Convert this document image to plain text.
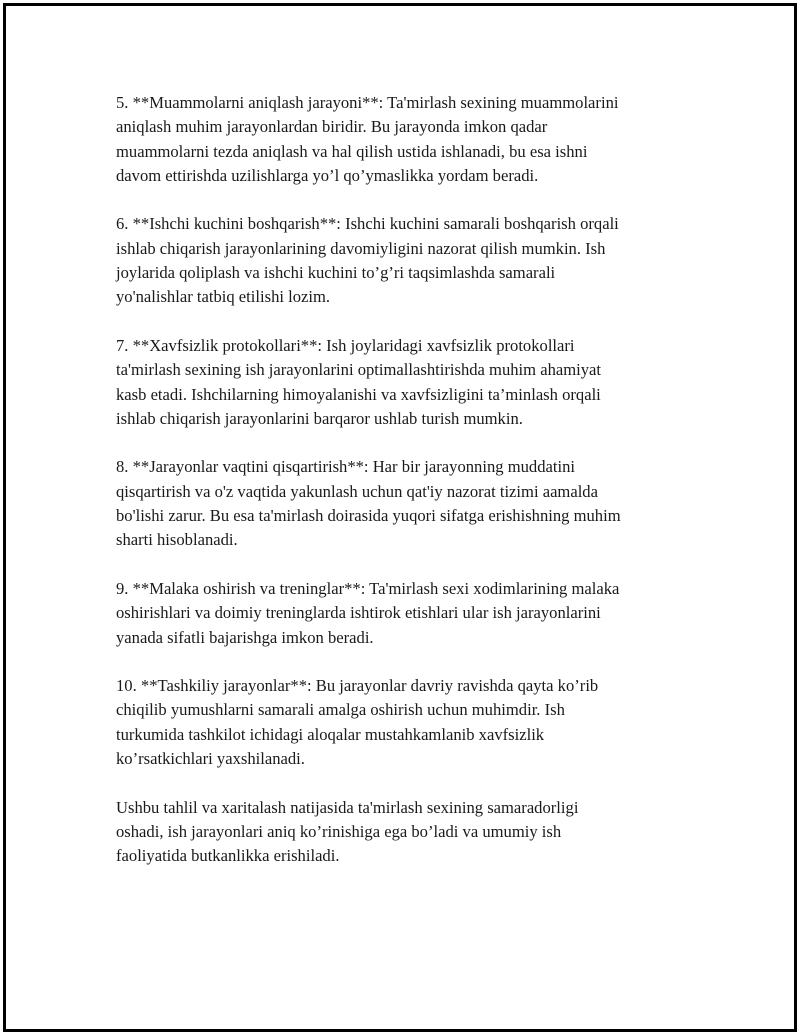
5. **Muammolarni aniqlash jarayoni**: Ta'mirlash sexining muammolarini
aniqlash muhim jarayonlardan biridir. Bu jarayonda imkon qadar
muammolarni tezda aniqlash va hal qilish ustida ishlanadi, bu esa ishni
davom ettirishda uzilishlarga yo’l qo’ymaslikka yordam beradi.

6. **Ishchi kuchini boshqarish**: Ishchi kuchini samarali boshqarish orqali
ishlab chiqarish jarayonlarining davomiyligini nazorat qilish mumkin. Ish
joylarida qoliplash va ishchi kuchini to’g’ri taqsimlashda samarali
yo'nalishlar tatbiq etilishi lozim.

7. **Xavfsizlik protokollari**: Ish joylaridagi xavfsizlik protokollari
ta'mirlash sexining ish jarayonlarini optimallashtirishda muhim ahamiyat
kasb etadi. Ishchilarning himoyalanishi va xavfsizligini ta’minlash orqali
ishlab chiqarish jarayonlarini barqaror ushlab turish mumkin.

8. **Jarayonlar vaqtini qisqartirish**: Har bir jarayonning muddatini
qisqartirish va o'z vaqtida yakunlash uchun qat'iy nazorat tizimi aamalda
bo'lishi zarur. Bu esa ta'mirlash doirasida yuqori sifatga erishishning muhim
sharti hisoblanadi.

9. **Malaka oshirish va treninglar**: Ta'mirlash sexi xodimlarining malaka
oshirishlari va doimiy treninglarda ishtirok etishlari ular ish jarayonlarini
yanada sifatli bajarishga imkon beradi.

10. **Tashkiliy jarayonlar**: Bu jarayonlar davriy ravishda qayta ko’rib
chiqilib yumushlarni samarali amalga oshirish uchun muhimdir. Ish
turkumida tashkilot ichidagi aloqalar mustahkamlanib xavfsizlik
ko’rsatkichlari yaxshilanadi.

Ushbu tahlil va xaritalash natijasida ta'mirlash sexining samaradorligi
oshadi, ish jarayonlari aniq ko’rinishiga ega bo’ladi va umumiy ish
faoliyatida butkanlikka erishiladi.
